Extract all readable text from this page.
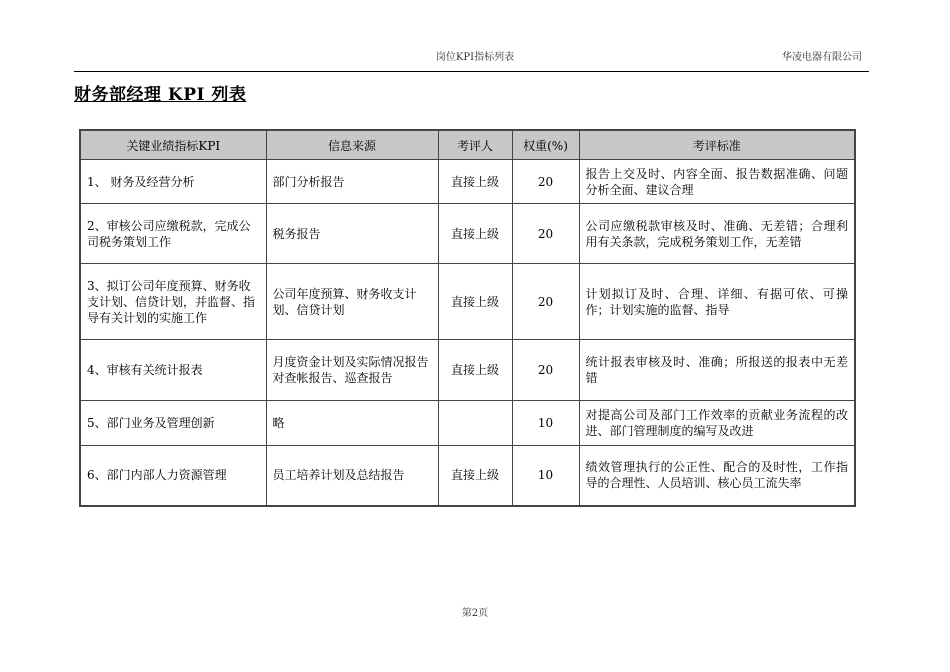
岗位KPI指标列表	华凌电器有限公司
财务部经理 KPI 列表
关键业绩指标KPI	信息来源	考评人	权重(%)	考评标准
1、 财务及经营分析	部门分析报告	直接上级	20	报告上交及时、内容全面、报告数据准确、问题分析全面、建议合理
2、审核公司应缴税款，完成公司税务策划工作	税务报告	直接上级	20	公司应缴税款审核及时、准确、无差错；合理利用有关条款，完成税务策划工作，无差错
3、拟订公司年度预算、财务收支计划、信贷计划，并监督、指导有关计划的实施工作	公司年度预算、财务收支计划、信贷计划	直接上级	20	计划拟订及时、合理、详细、有据可依、可操作；计划实施的监督、指导
4、审核有关统计报表	月度资金计划及实际情况报告对查帐报告、巡查报告	直接上级	20	统计报表审核及时、准确；所报送的报表中无差错
5、部门业务及管理创新	略		10	对提高公司及部门工作效率的贡献业务流程的改进、部门管理制度的编写及改进
6、部门内部人力资源管理	员工培养计划及总结报告	直接上级	10	绩效管理执行的公正性、配合的及时性，工作指导的合理性、人员培训、核心员工流失率
第2页
